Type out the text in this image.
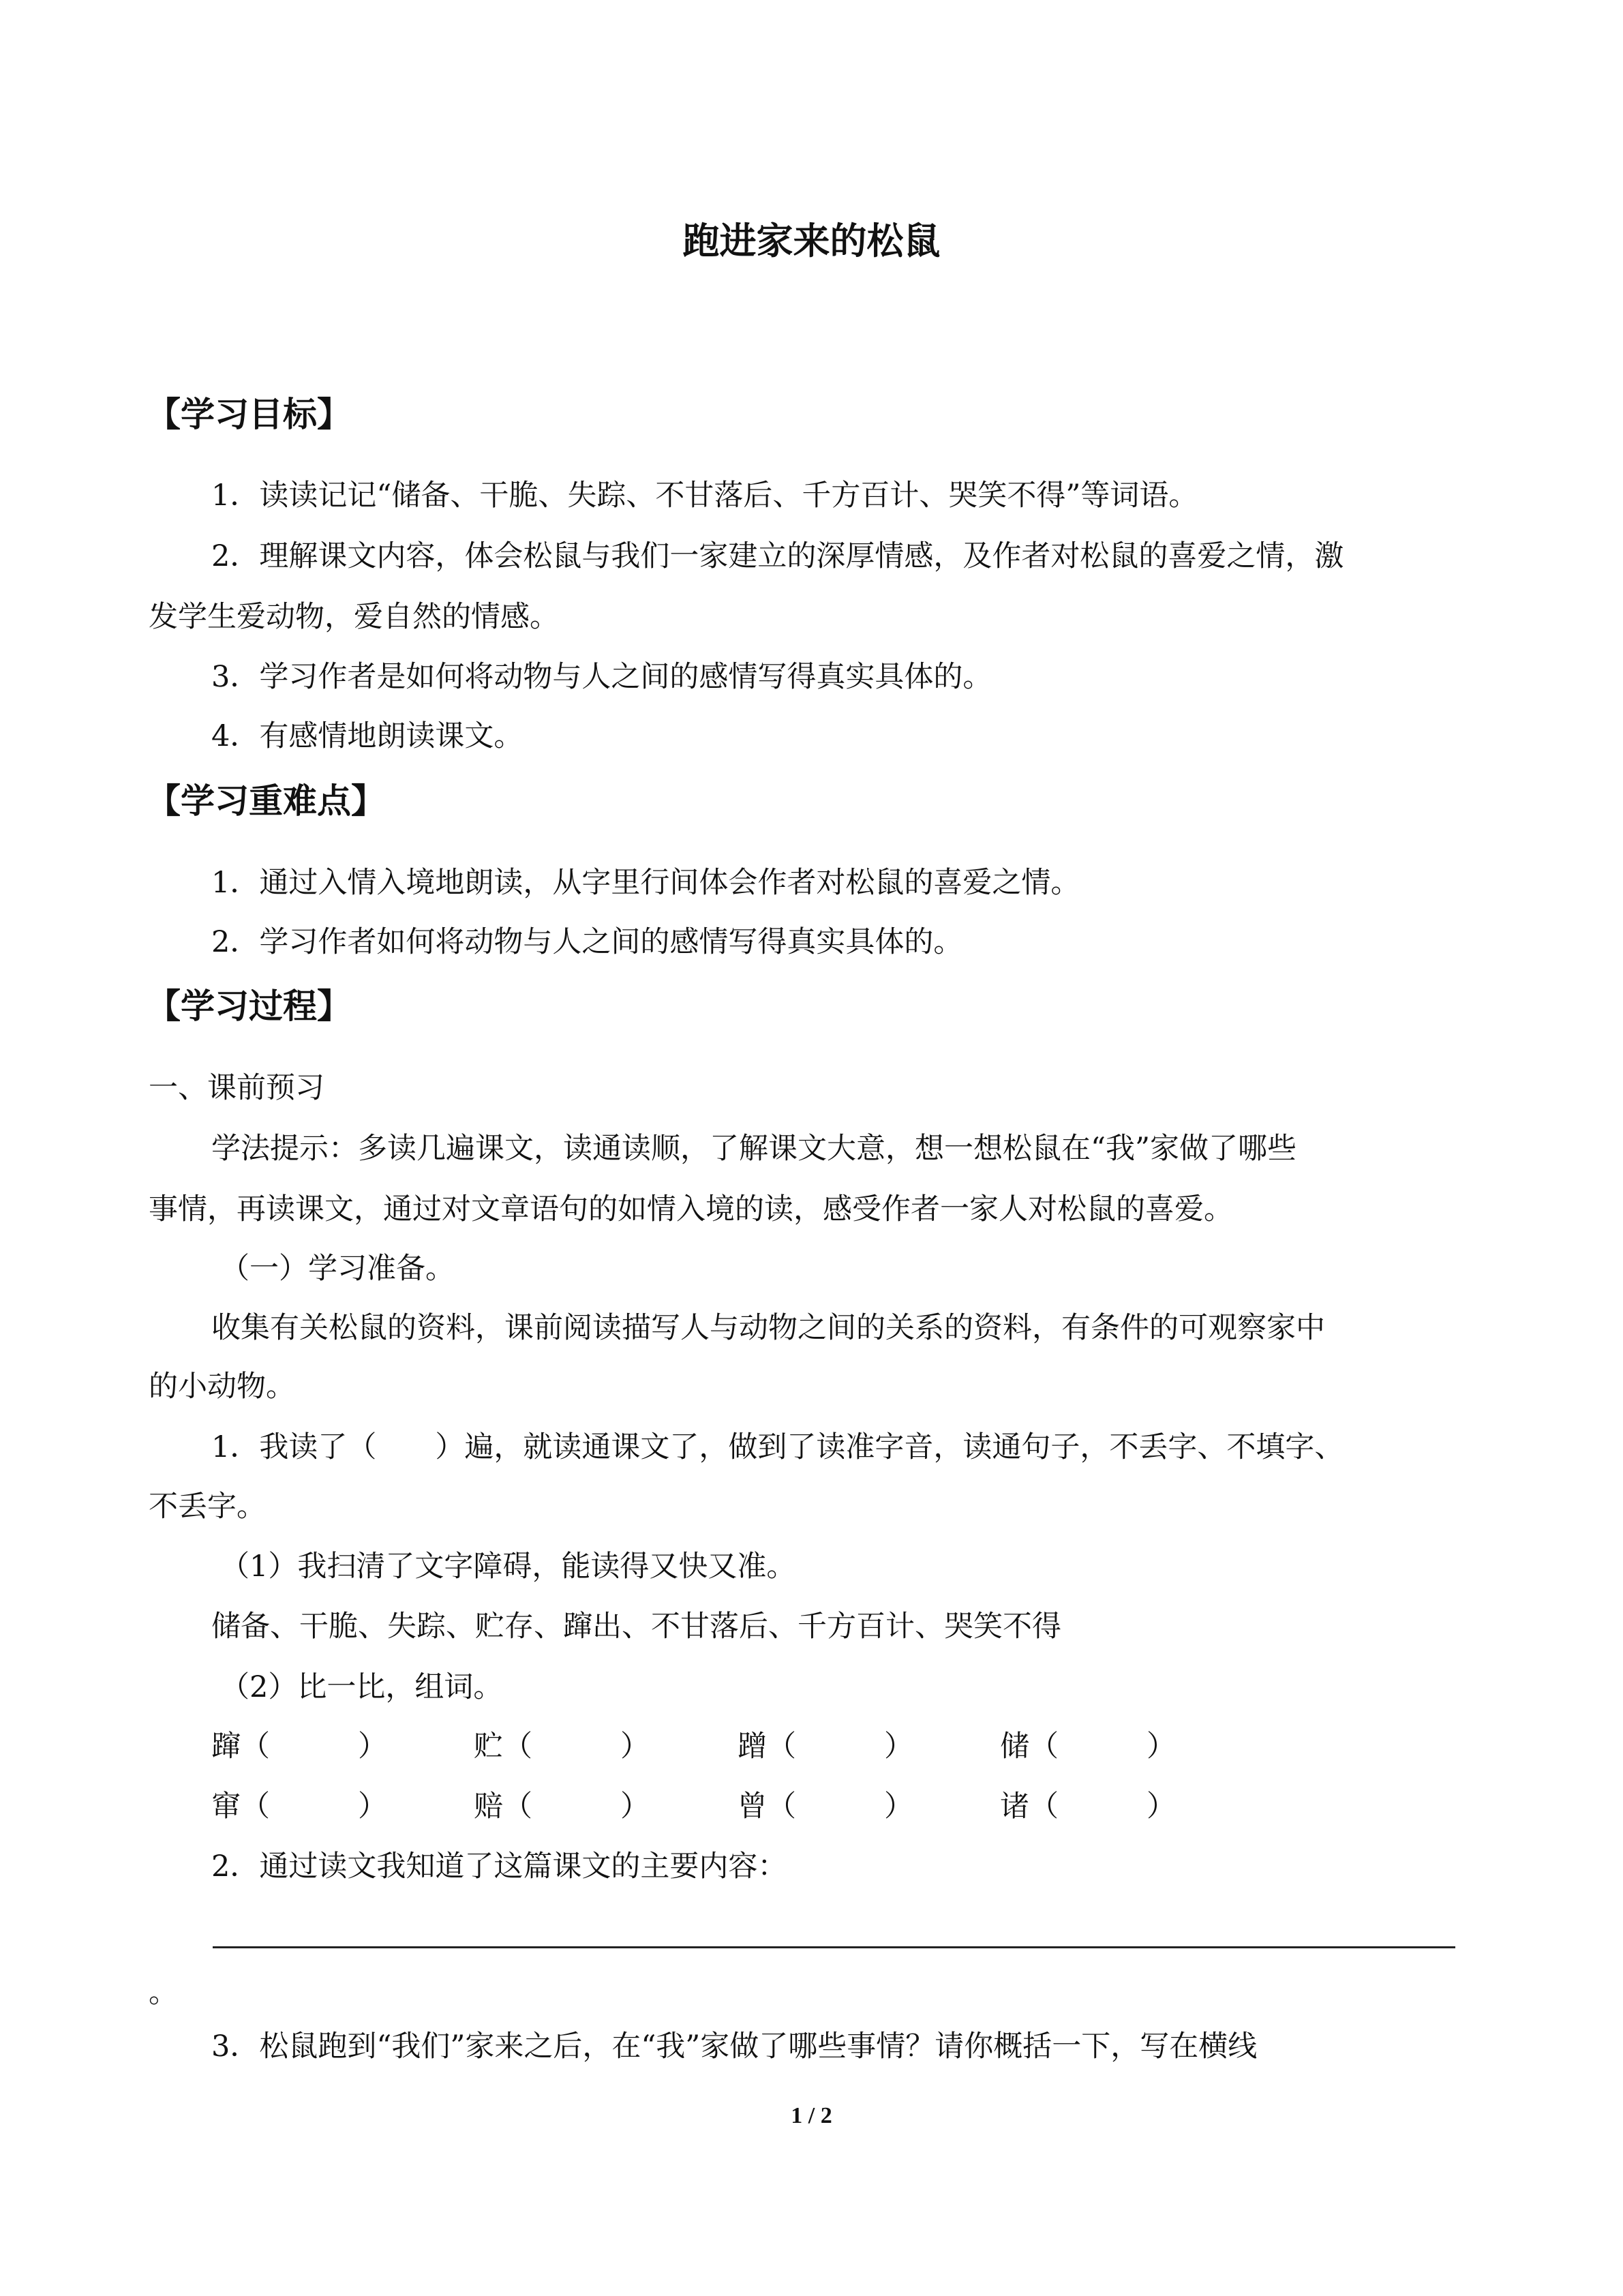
跑进家来的松鼠
【学习目标】
1．读读记记“储备、干脆、失踪、不甘落后、千方百计、哭笑不得”等词语。
2．理解课文内容，体会松鼠与我们一家建立的深厚情感，及作者对松鼠的喜爱之情，激
发学生爱动物，爱自然的情感。
3．学习作者是如何将动物与人之间的感情写得真实具体的。
4．有感情地朗读课文。
【学习重难点】
1．通过入情入境地朗读，从字里行间体会作者对松鼠的喜爱之情。
2．学习作者如何将动物与人之间的感情写得真实具体的。
【学习过程】
一、课前预习
学法提示：多读几遍课文，读通读顺，了解课文大意，想一想松鼠在“我”家做了哪些
事情，再读课文，通过对文章语句的如情入境的读，感受作者一家人对松鼠的喜爱。
（一）学习准备。
收集有关松鼠的资料，课前阅读描写人与动物之间的关系的资料，有条件的可观察家中
的小动物。
1．我读了（　　）遍，就读通课文了，做到了读准字音，读通句子，不丢字、不填字、
不丢字。
（1）我扫清了文字障碍，能读得又快又准。
储备、干脆、失踪、贮存、蹿出、不甘落后、千方百计、哭笑不得
（2）比一比，组词。
蹿（　　　）	贮（　　　）	蹭（　　　）	储（　　　）
窜（　　　）	赔（　　　）	曾（　　　）	诸（　　　）
2．通过读文我知道了这篇课文的主要内容：
。
3．松鼠跑到“我们”家来之后，在“我”家做了哪些事情？请你概括一下，写在横线
1 / 2
